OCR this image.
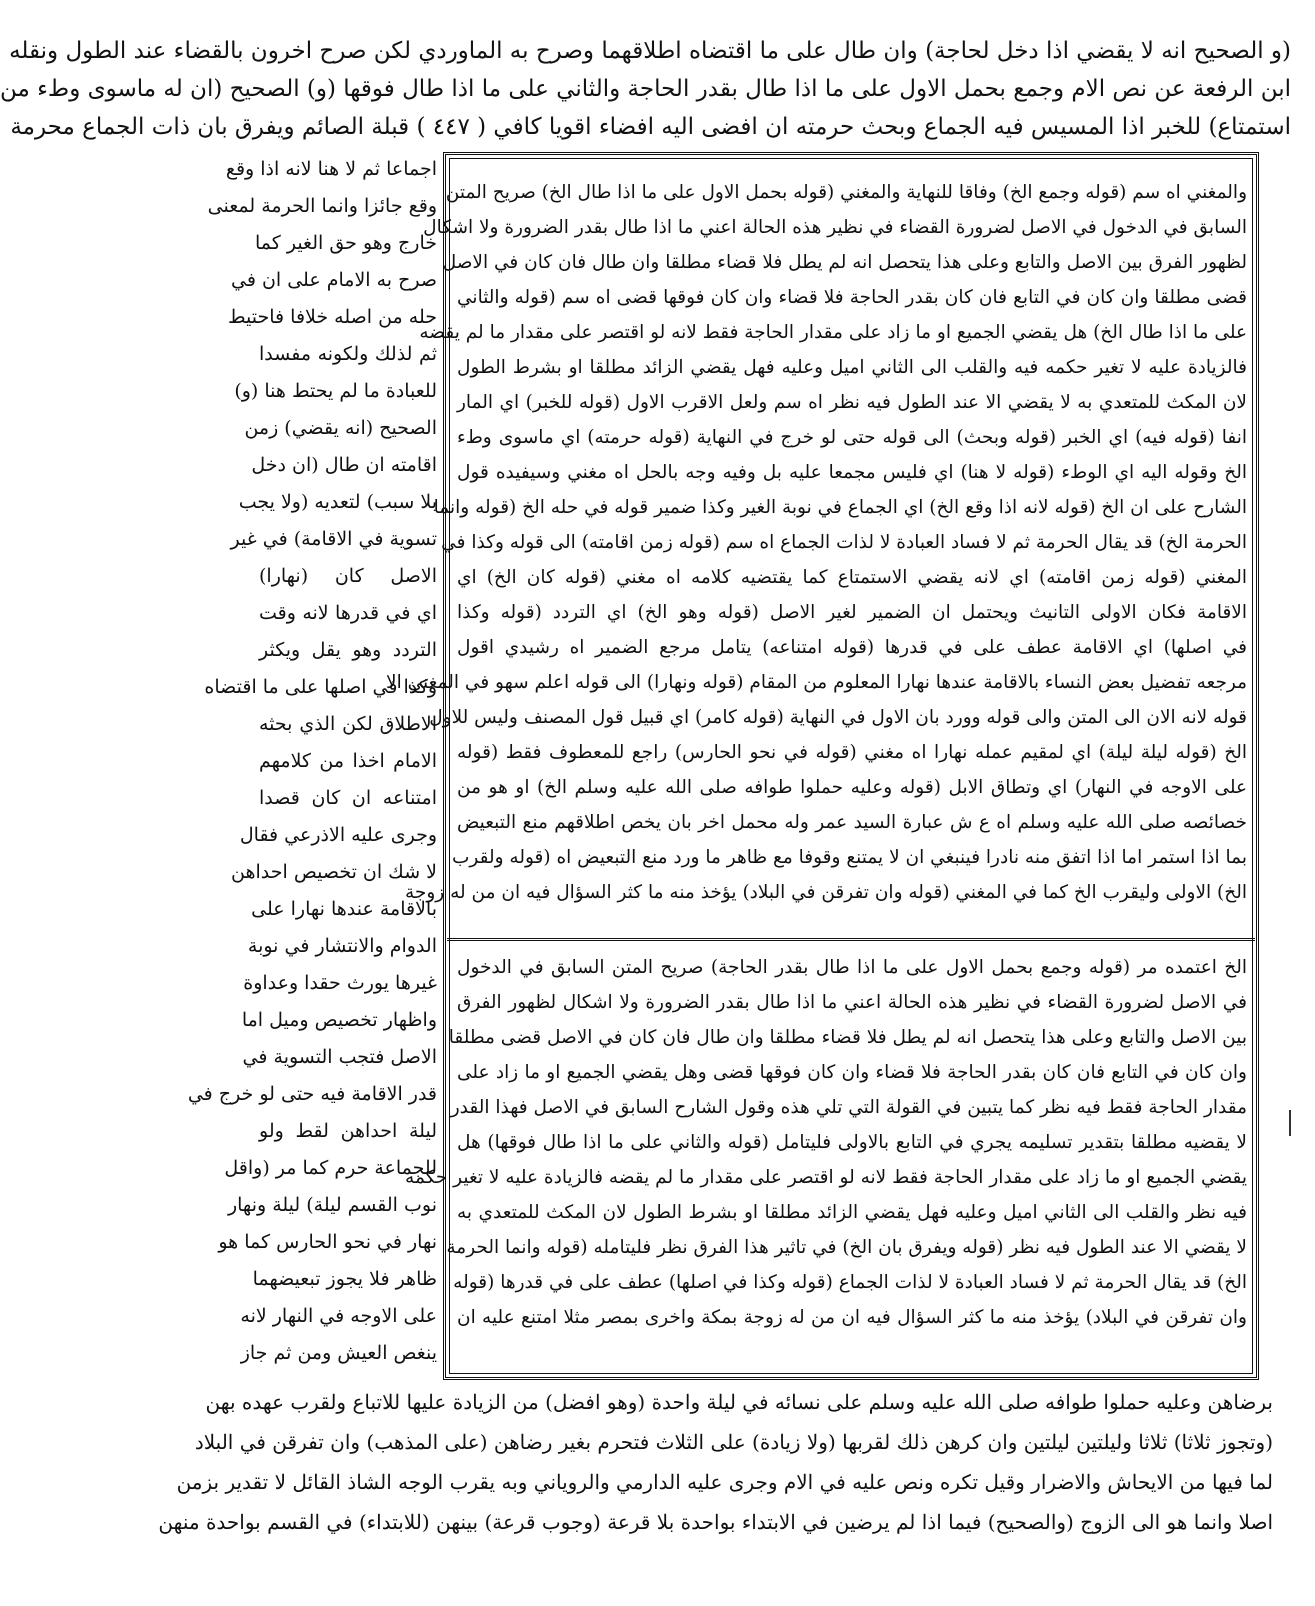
(و الصحيح انه لا يقضي اذا دخل لحاجة) وان طال على ما اقتضاه اطلاقهما وصرح به الماوردي لكن صرح اخرون بالقضاء عند الطول ونقله
ابن الرفعة عن نص الام وجمع بحمل الاول على ما اذا طال بقدر الحاجة والثاني على ما اذا طال فوقها (و) الصحيح (ان له ماسوى وطء من
استمتاع) للخبر اذا المسيس فيه الجماع وبحث حرمته ان افضى اليه افضاء اقويا كافي ( ٤٤٧ ) قبلة الصائم ويفرق بان ذات الجماع محرمة
والمغني اه سم (قوله وجمع الخ) وفاقا للنهاية والمغني (قوله بحمل الاول على ما اذا طال الخ) صريح المتن
السابق في الدخول في الاصل لضرورة القضاء في نظير هذه الحالة اعني ما اذا طال بقدر الضرورة ولا اشكال
لظهور الفرق بين الاصل والتابع وعلى هذا يتحصل انه لم يطل فلا قضاء مطلقا وان طال فان كان في الاصل
قضى مطلقا وان كان في التابع فان كان بقدر الحاجة فلا قضاء وان كان فوقها قضى اه سم (قوله والثاني
على ما اذا طال الخ) هل يقضي الجميع او ما زاد على مقدار الحاجة فقط لانه لو اقتصر على مقدار ما لم يقضه
فالزيادة عليه لا تغير حكمه فيه والقلب الى الثاني اميل وعليه فهل يقضي الزائد مطلقا او بشرط الطول
لان المكث للمتعدي به لا يقضي الا عند الطول فيه نظر اه سم ولعل الاقرب الاول (قوله للخبر) اي المار
انفا (قوله فيه) اي الخبر (قوله وبحث) الى قوله حتى لو خرج في النهاية (قوله حرمته) اي ماسوى وطء
الخ وقوله اليه اي الوطء (قوله لا هنا) اي فليس مجمعا عليه بل وفيه وجه بالحل اه مغني وسيفيده قول
الشارح على ان الخ (قوله لانه اذا وقع الخ) اي الجماع في نوبة الغير وكذا ضمير قوله في حله الخ (قوله وانما
الحرمة الخ) قد يقال الحرمة ثم لا فساد العبادة لا لذات الجماع اه سم (قوله زمن اقامته) الى قوله وكذا في
المغني (قوله زمن اقامته) اي لانه يقضي الاستمتاع كما يقتضيه كلامه اه مغني (قوله كان الخ) اي
الاقامة فكان الاولى التانيث ويحتمل ان الضمير لغير الاصل (قوله وهو الخ) اي التردد (قوله وكذا
في اصلها) اي الاقامة عطف على في قدرها (قوله امتناعه) يتامل مرجع الضمير اه رشيدي اقول
مرجعه تفضيل بعض النساء بالاقامة عندها نهارا المعلوم من المقام (قوله ونهارا) الى قوله اعلم سهو في المغني الا
قوله لانه الان الى المتن والى قوله وورد بان الاول في النهاية (قوله كامر) اي قبيل قول المصنف وليس للاول
الخ (قوله ليلة ليلة) اي لمقيم عمله نهارا اه مغني (قوله في نحو الحارس) راجع للمعطوف فقط (قوله
على الاوجه في النهار) اي وتطاق الابل (قوله وعليه حملوا طوافه صلى الله عليه وسلم الخ) او هو من
خصائصه صلى الله عليه وسلم اه ع ش عبارة السيد عمر وله محمل اخر بان يخص اطلاقهم منع التبعيض
بما اذا استمر اما اذا اتفق منه نادرا فينبغي ان لا يمتنع وقوفا مع ظاهر ما ورد منع التبعيض اه (قوله ولقرب
الخ) الاولى وليقرب الخ كما في المغني (قوله وان تفرقن في البلاد) يؤخذ منه ما كثر السؤال فيه ان من له زوجة
الخ اعتمده مر (قوله وجمع بحمل الاول على ما اذا طال بقدر الحاجة) صريح المتن السابق في الدخول
في الاصل لضرورة القضاء في نظير هذه الحالة اعني ما اذا طال بقدر الضرورة ولا اشكال لظهور الفرق
بين الاصل والتابع وعلى هذا يتحصل انه لم يطل فلا قضاء مطلقا وان طال فان كان في الاصل قضى مطلقا
وان كان في التابع فان كان بقدر الحاجة فلا قضاء وان كان فوقها قضى وهل يقضي الجميع او ما زاد على
مقدار الحاجة فقط فيه نظر كما يتبين في القولة التي تلي هذه وقول الشارح السابق في الاصل فهذا القدر
لا يقضيه مطلقا بتقدير تسليمه يجري في التابع بالاولى فليتامل (قوله والثاني على ما اذا طال فوقها) هل
يقضي الجميع او ما زاد على مقدار الحاجة فقط لانه لو اقتصر على مقدار ما لم يقضه فالزيادة عليه لا تغير حكمه
فيه نظر والقلب الى الثاني اميل وعليه فهل يقضي الزائد مطلقا او بشرط الطول لان المكث للمتعدي به
لا يقضي الا عند الطول فيه نظر (قوله ويفرق بان الخ) في تاثير هذا الفرق نظر فليتامله (قوله وانما الحرمة
الخ) قد يقال الحرمة ثم لا فساد العبادة لا لذات الجماع (قوله وكذا في اصلها) عطف على في قدرها (قوله
وان تفرقن في البلاد) يؤخذ منه ما كثر السؤال فيه ان من له زوجة بمكة واخرى بمصر مثلا امتنع عليه ان
اجماعا ثم لا هنا لانه اذا وقع
وقع جائزا وانما الحرمة لمعنى
خارج وهو حق الغير كما
صرح به الامام على ان في
حله من اصله خلافا فاحتيط
ثم لذلك ولكونه مفسدا
للعبادة ما لم يحتط هنا (و)
الصحيح (انه يقضي) زمن
اقامته ان طال (ان دخل
بلا سبب) لتعديه (ولا يجب
تسوية في الاقامة) في غير
الاصل كان (نهارا)
اي في قدرها لانه وقت
التردد وهو يقل ويكثر
وكذا في اصلها على ما اقتضاه
الاطلاق لكن الذي بحثه
الامام اخذا من كلامهم
امتناعه ان كان قصدا
وجرى عليه الاذرعي فقال
لا شك ان تخصيص احداهن
بالاقامة عندها نهارا على
الدوام والانتشار في نوبة
غيرها يورث حقدا وعداوة
واظهار تخصيص وميل اما
الاصل فتجب التسوية في
قدر الاقامة فيه حتى لو خرج في
ليلة احداهن لقط ولو
للجماعة حرم كما مر (واقل
نوب القسم ليلة) ليلة ونهار
نهار في نحو الحارس كما هو
ظاهر فلا يجوز تبعيضهما
على الاوجه في النهار لانه
ينغص العيش ومن ثم جاز
برضاهن وعليه حملوا طوافه صلى الله عليه وسلم على نسائه في ليلة واحدة (وهو افضل) من الزيادة عليها للاتباع ولقرب عهده بهن
(وتجوز ثلاثا) ثلاثا وليلتين ليلتين وان كرهن ذلك لقربها (ولا زيادة) على الثلاث فتحرم بغير رضاهن (على المذهب) وان تفرقن في البلاد
لما فيها من الايحاش والاضرار وقيل تكره ونص عليه في الام وجرى عليه الدارمي والروياني وبه يقرب الوجه الشاذ القائل لا تقدير بزمن
اصلا وانما هو الى الزوج (والصحيح) فيما اذا لم يرضين في الابتداء بواحدة بلا قرعة (وجوب قرعة) بينهن (للابتداء) في القسم بواحدة منهن
